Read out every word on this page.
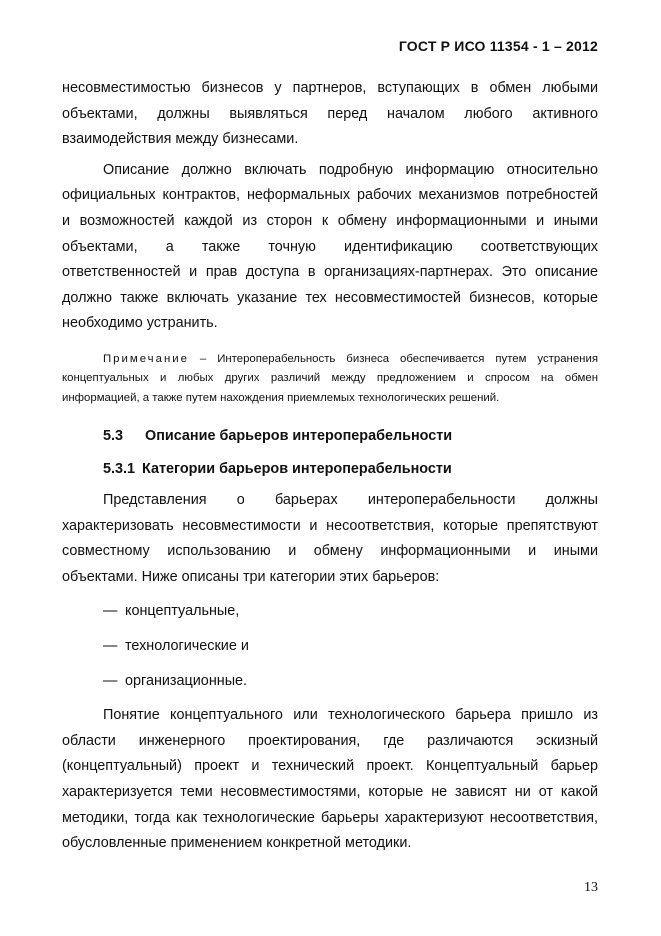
ГОСТ Р ИСО 11354 - 1 – 2012

несовместимостью бизнесов у партнеров, вступающих в обмен любыми

объектами, должны выявляться перед началом любого активного

взаимодействия между бизнесами.

Описание должно включать подробную информацию относительно

официальных контрактов, неформальных рабочих механизмов потребностей

и возможностей каждой из сторон к обмену информационными и иными

объектами, а также точную идентификацию соответствующих

ответственностей и прав доступа в организациях-партнерах. Это описание

должно также включать указание тех несовместимостей бизнесов, которые

необходимо устранить.

Примечание – Интероперабельность бизнеса обеспечивается путем устранения

концептуальных и любых других различий между предложением и спросом на обмен

информацией, а также путем нахождения приемлемых технологических решений.

5.3 Описание барьеров интероперабельности
5.3.1 Категории барьеров интероперабельности

Представления о барьерах интероперабельности должны

характеризовать несовместимости и несоответствия, которые препятствуют

совместному использованию и обмену информационными и иными

объектами. Ниже описаны три категории этих барьеров:

— концептуальные,

— технологические и

— организационные.

Понятие концептуального или технологического барьера пришло из

области инженерного проектирования, где различаются эскизный

(концептуальный) проект и технический проект. Концептуальный барьер

характеризуется теми несовместимостями, которые не зависят ни от какой

методики, тогда как технологические барьеры характеризуют несоответствия,

обусловленные применением конкретной методики.

13
